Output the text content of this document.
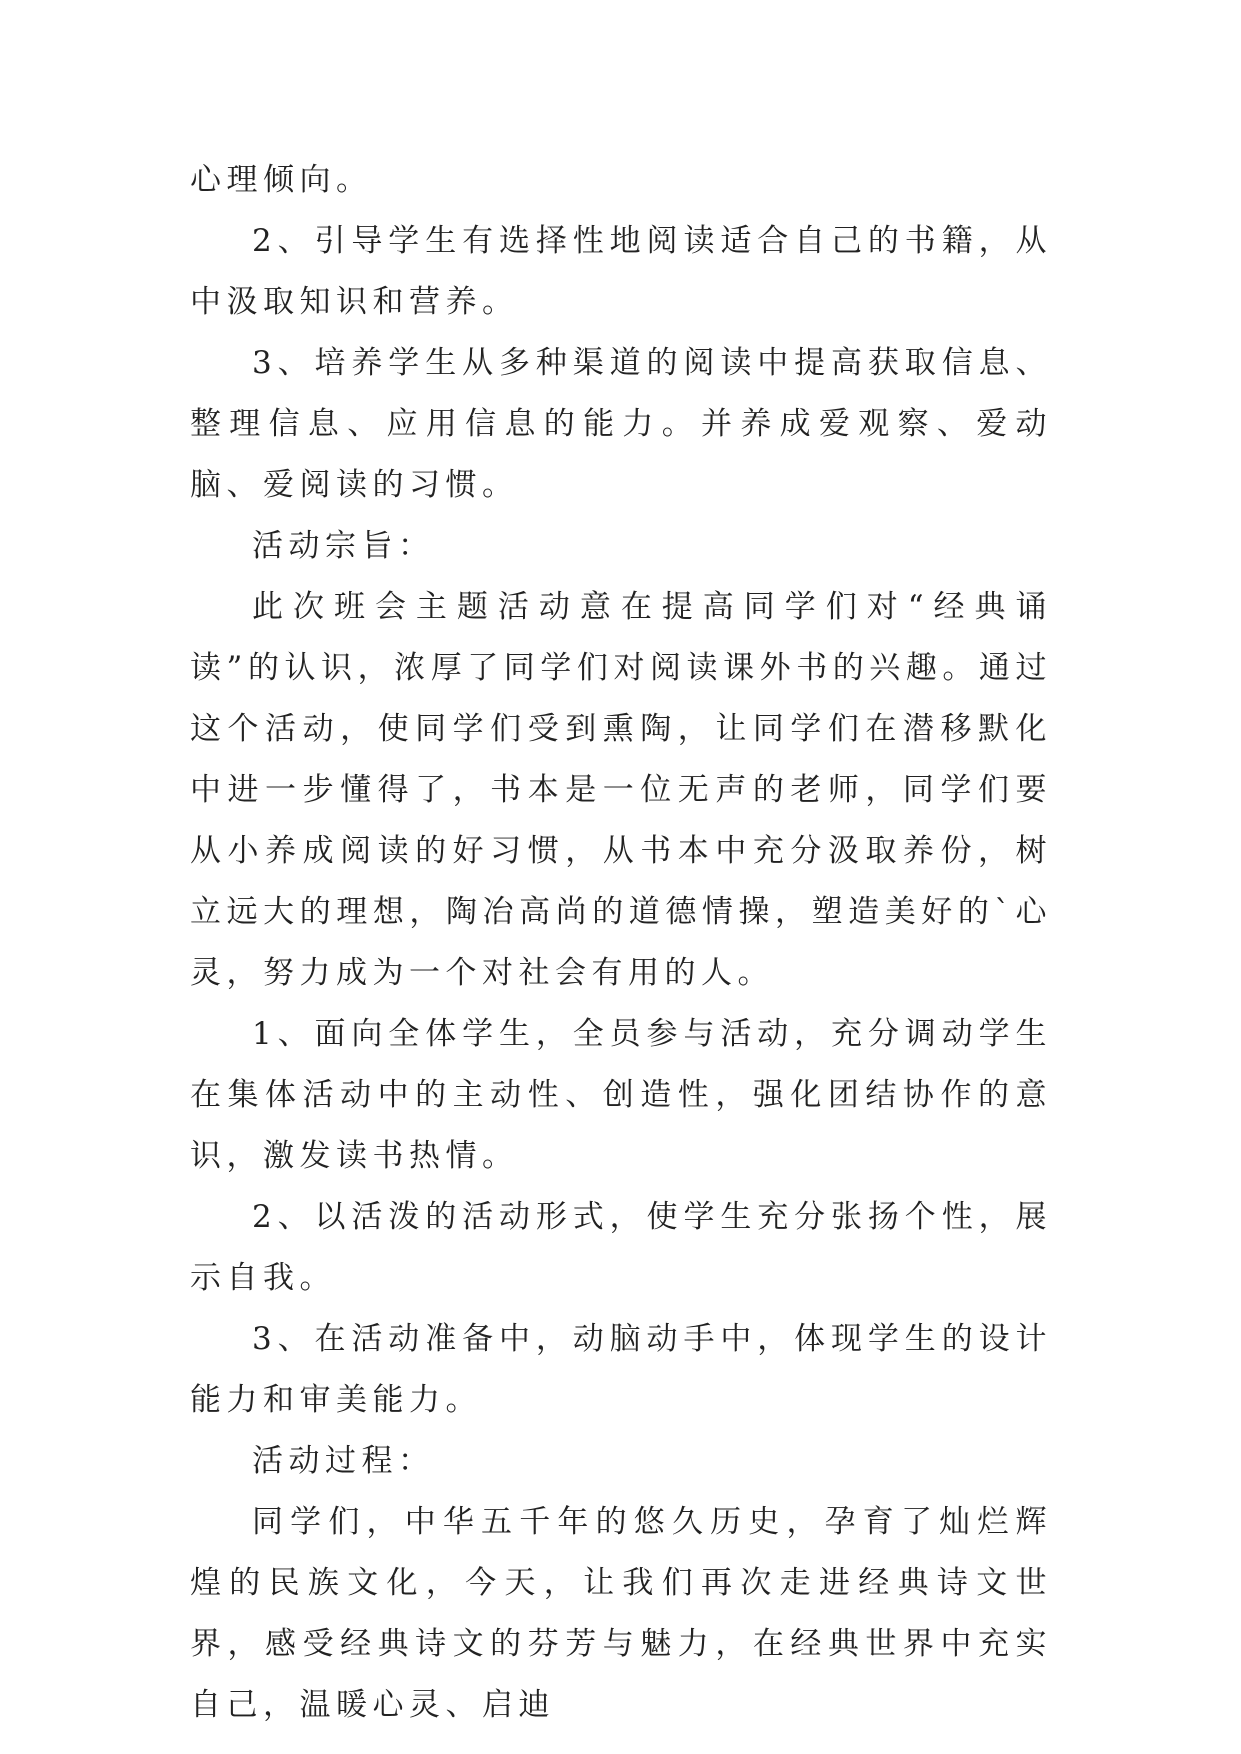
心理倾向。

2、引导学生有选择性地阅读适合自己的书籍，从中汲取知识和营养。

3、培养学生从多种渠道的阅读中提高获取信息、整理信息、应用信息的能力。并养成爱观察、爱动脑、爱阅读的习惯。

活动宗旨：

此次班会主题活动意在提高同学们对“经典诵读”的认识，浓厚了同学们对阅读课外书的兴趣。通过这个活动，使同学们受到熏陶，让同学们在潜移默化中进一步懂得了，书本是一位无声的老师，同学们要从小养成阅读的好习惯，从书本中充分汲取养份，树立远大的理想，陶冶高尚的道德情操，塑造美好的`心灵，努力成为一个对社会有用的人。

1、面向全体学生，全员参与活动，充分调动学生在集体活动中的主动性、创造性，强化团结协作的意识，激发读书热情。

2、以活泼的活动形式，使学生充分张扬个性，展示自我。

3、在活动准备中，动脑动手中，体现学生的设计能力和审美能力。

活动过程：

同学们，中华五千年的悠久历史，孕育了灿烂辉煌的民族文化，今天，让我们再次走进经典诗文世界，感受经典诗文的芬芳与魅力，在经典世界中充实自己，温暖心灵、启迪
